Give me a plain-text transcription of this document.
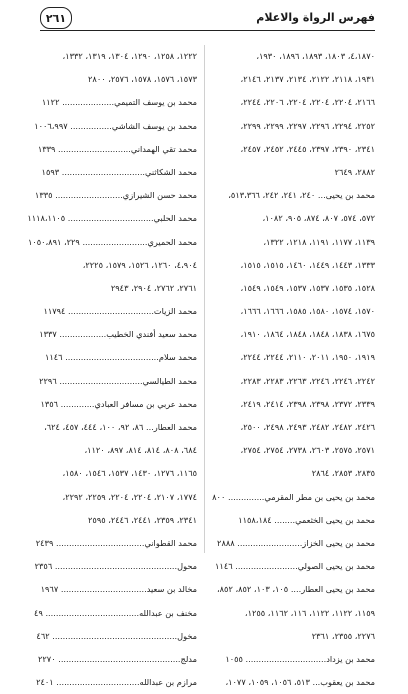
فهرس الرواة والاعلام
٢٦١
٤،١٨٧٠، ١٨٠٣، ١٨٩٣، ١٨٩٦، ١٩٣٠،
١٩٣١، ٢١١٨، ٢١٢٢، ٢١٣٤، ٢١٣٧، ٢١٤٦،
٢١٦٦، ٢٢٠٤، ٢٢٠٤، ٢٢٠٤، ٢٢٠٦، ٢٢٤٤،
٢٢٥٢، ٢٢٩٤، ٢٢٩٦، ٢٢٩٧، ٢٢٩٩، ٢٢٩٩،
٢٣٤١، ٢٣٩٠، ٢٣٩٧، ٢٤٤٥، ٢٤٥٢، ٢٤٥٧،
٢٨٨٢، ٢٦٤٩
محمد بن يحيى... ٢٤٠، ٢٤١، ٢٤٢، ٥١٣،٣٦٦،
٥٧٢، ٥٧٤، ٨٠٧، ٨٧٤، ٩٠٥، ١٠٨٢،
١١٣٩، ١١٧٧، ١١٩١، ١٢١٨، ١٣٢٢،
١٣٣٣، ١٤٤٣، ١٤٤٩، ١٤٦٠، ١٥١٥، ١٥١٥،
١٥٢٨، ١٥٣٥، ١٥٣٧، ١٥٣٧، ١٥٤٩، ١٥٤٩،
١٥٧٠، ١٥٧٤، ١٥٨٠، ١٥٨٥، ١٦٦٦، ١٦٦٦،
١٦٧٥، ١٨٣٨، ١٨٤٨، ١٨٤٨، ١٨٦٤، ١٩١٠،
١٩١٩، ١٩٥٠، ٢٠١١، ٢١١٠، ٢٢٤٤، ٢٢٤٤،
٢٢٤٢، ٢٢٤٦، ٢٢٤٦، ٢٢٦٣، ٢٢٨٣، ٢٢٨٣،
٢٣٣٩، ٢٣٧٢، ٢٣٩٨، ٢٣٩٨، ٢٤١٤، ٢٤١٩،
٢٤٢٦، ٢٤٨٢، ٢٤٨٢، ٢٤٩٣، ٢٤٩٨، ٢٥٠٠،
٢٥٧١، ٢٥٧٥، ٢٦٠٣، ٢٧٣٨، ٢٧٥٤، ٢٧٥٤،
٢٨٣٥، ٢٨٥٣، ٢٨٦٤
محمد بن يحيى بن مطر المقرمي.............. ٨٠٠
محمد بن يحيى الخثعمي........ ١١٥٨،١٨٤
محمد بن يحيى الخزاز......................... ٢٨٨٨
محمد بن يحيى الصولي........................ ١١٤٦
محمد بن يحيى العطار.... ١٠٥، ١٠٣، ٨٥٢، ٨٥٢،
١١٥٩، ١١٢٢، ١١٢٢، ١١٦، ١١٦٢، ١٢٥٥،
٢٢٧٦، ٢٣٥٥، ٢٣٦١
محمد بن يزداد............................... ١٠٥٥
محمد بن يعقوب... ٥١٣، ١٠٥٦، ١٠٥٩، ١٠٧٧،
١٢٢٢، ١٢٥٨، ١٢٩٠، ١٣٠٤، ١٣١٩، ١٣٣٢،
١٥٧٣، ١٥٧٦، ١٥٧٨، ٢٥٧٦، ٢٨٠٠
محمد بن يوسف التميمي.................... ١١٢٢
محمد بن يوسف الشاشي................ ١٠٠٦،٩٩٧
محمد تقي الهمداني............................ ١٣٣٩
محمد الشكاثني................................ ١٥٩٣
محمد حسن الشيرازي.......................... ١٣٣٥
محمد الحلبي................................. ١١١٨،١١٠٥
محمد الحميري......................... ٢٢٩، ١٠٥٠،٨٩١
٤،٩٠٤، ١٢٦٠، ١٥٢٦، ١٥٧٩، ٢٢٢٥،
٢٧٦١، ٢٧٦٢، ٢٩٠٤، ٢٩٤٣
محمد الزيات................................. ١١٧٩٤
محمد سعيد أفندي الخطيب.................. ١٣٣٧
محمد سلام.................................... ١١٤٦
محمد الطيالسي................................ ٢٢٩٦
محمد عربي بن مسافر العبادي............. ١٣٥٦
محمد العطار... ٨٦، ٩٢، ١٠٠، ٤٤٤، ٤٥٧، ٦٢٤،
٦٨٤، ٨٠٨، ٨١٤، ٨١٤، ٨٩٧، ١١٢٠،
١١٦٥، ١٢٧٦، ١٤٣٠، ١٥٣٧، ١٥٤٦، ١٥٨٠،
١٧٧٤، ٢١٠٧، ٢٢٠٤، ٢٢٠٤، ٢٢٥٩، ٢٢٩٢،
٢٣٤١، ٢٣٥٩، ٢٤٤١، ٢٤٤٦، ٢٥٩٥
محمد القطواني.................................. ٢٤٣٩
محول............................................... ٢٣٥٦
مخالد بن سعيد................................. ١٩٦٧
مخنف بن عبدالله.................................... ٤٩
مخول................................................ ٤٦٢
مدلج............................................... ٢٢٧٠
مرازم بن عبدالله................................ ٢٤٠١
